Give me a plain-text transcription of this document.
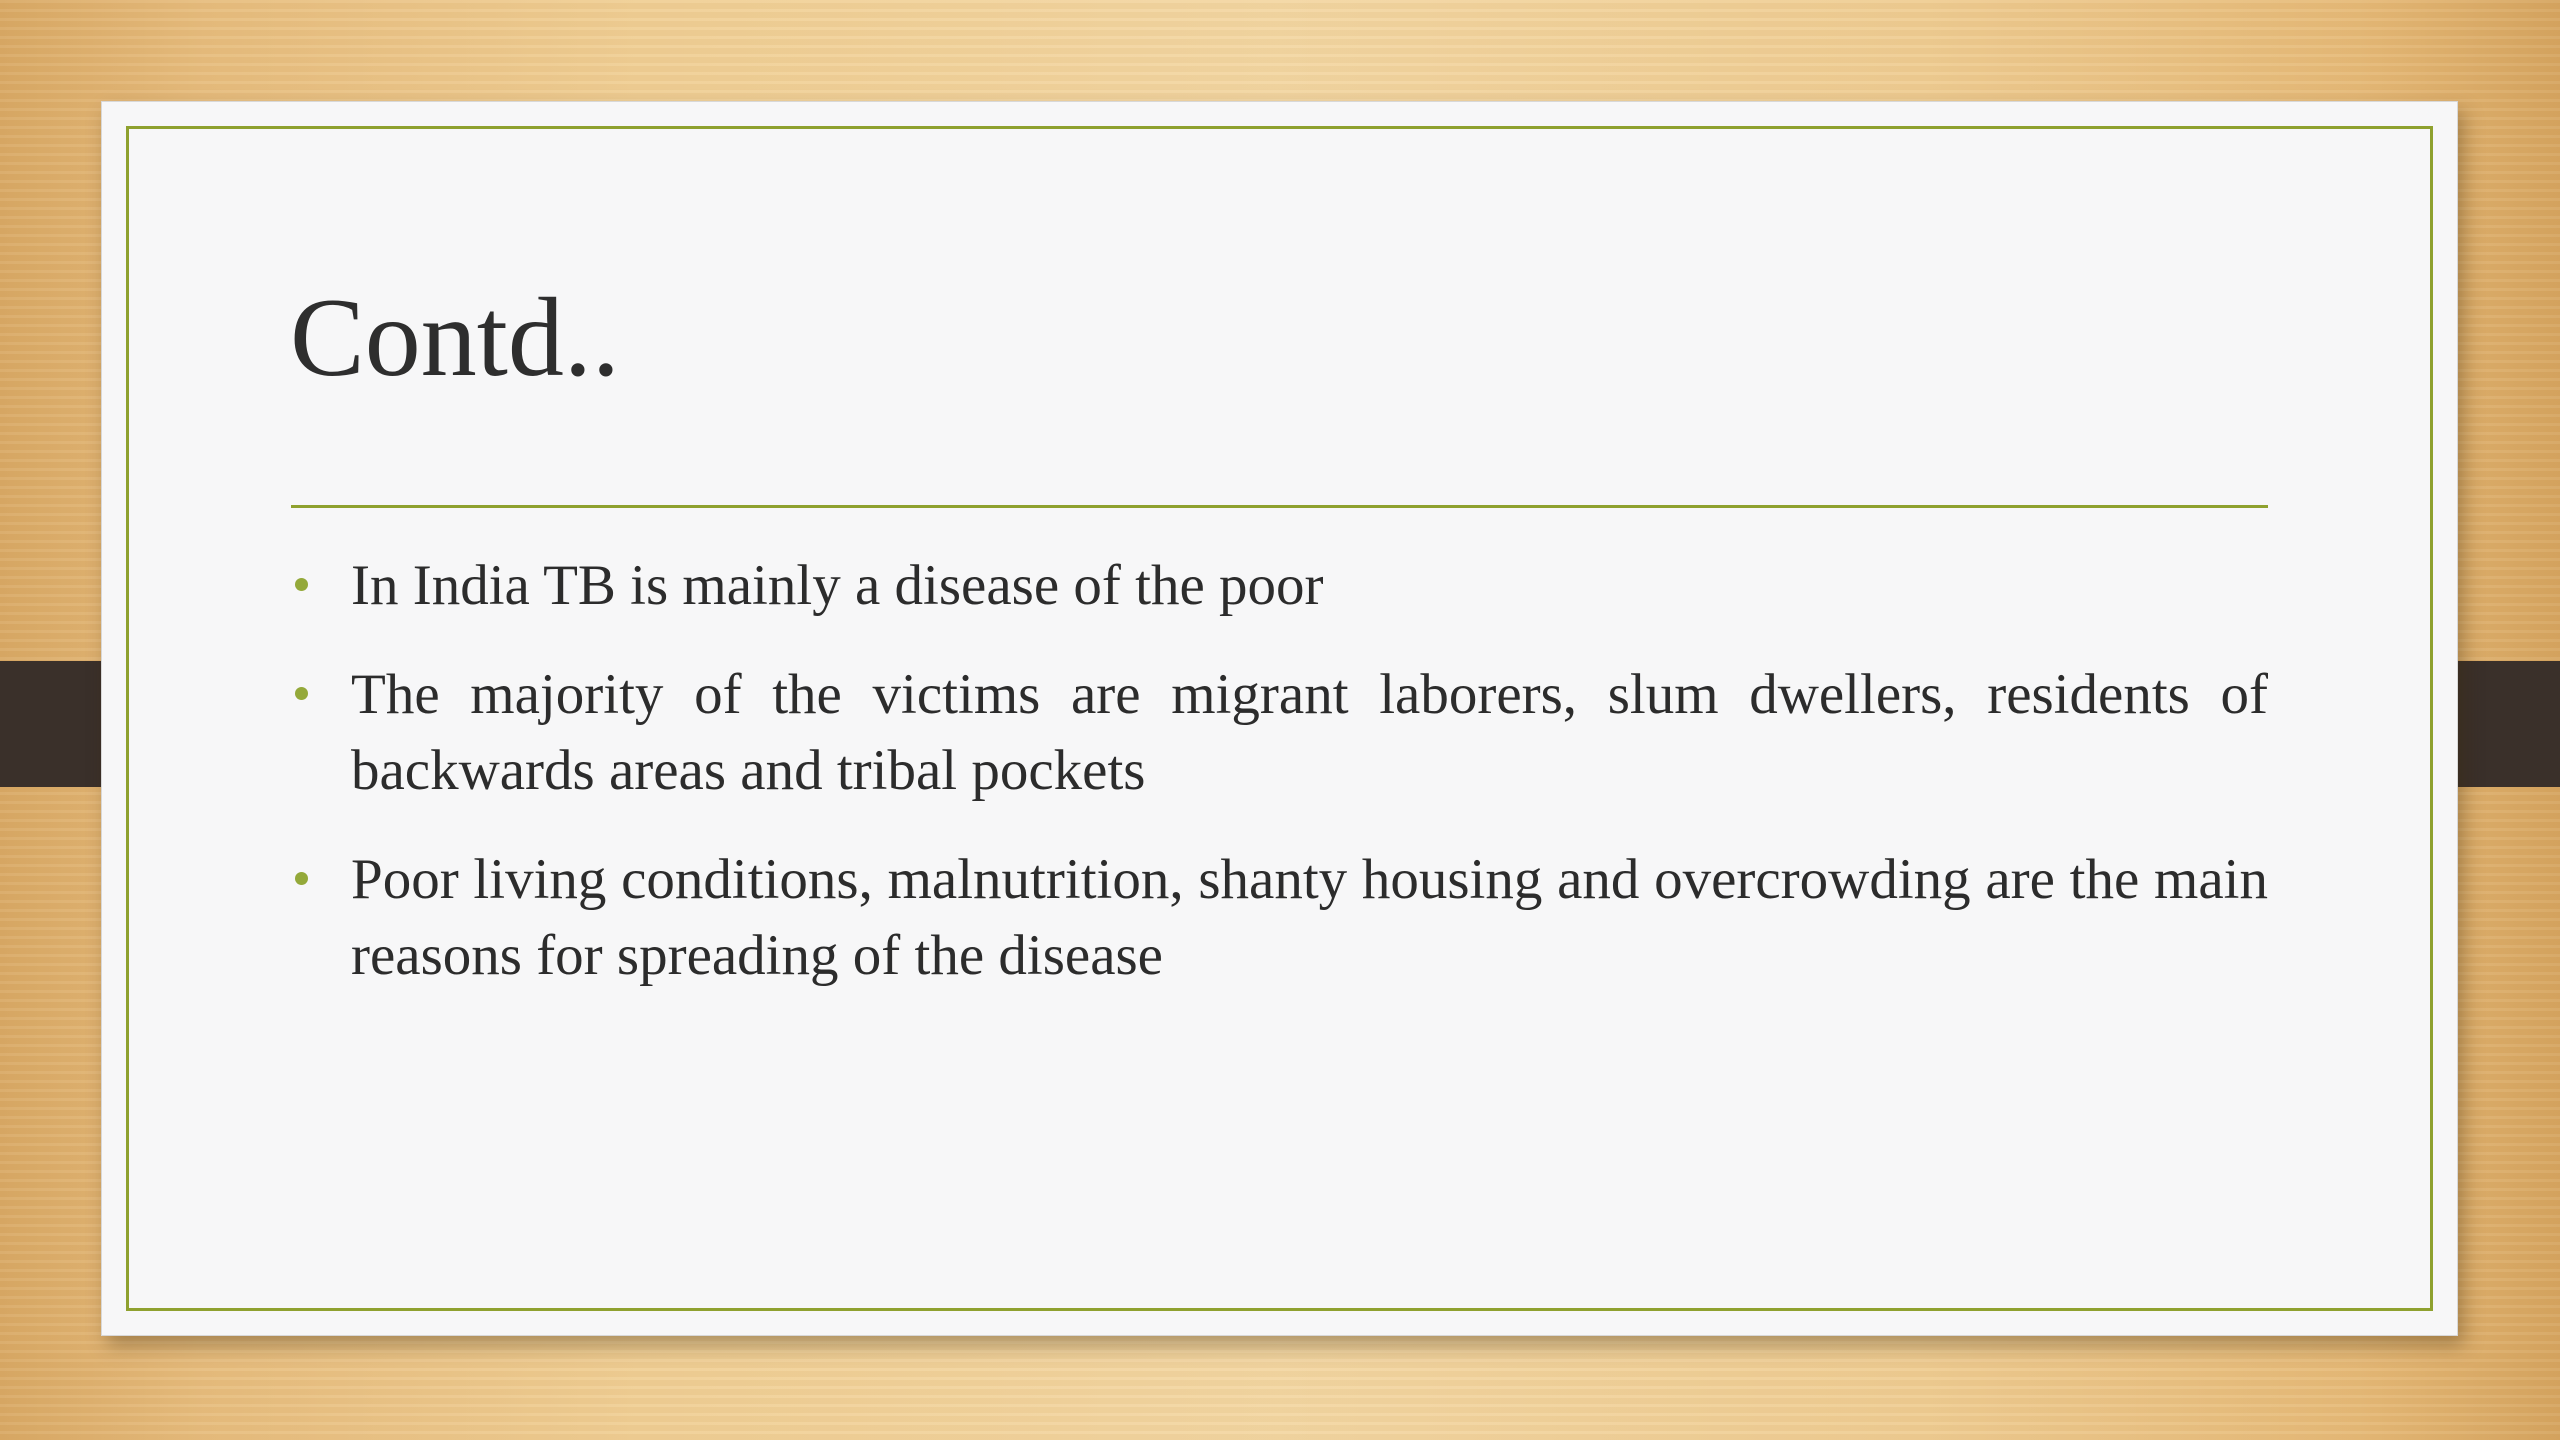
Contd..
In India TB is mainly a disease of the poor
The majority of the victims are migrant laborers, slum dwellers, residents of backwards areas and tribal pockets
Poor living conditions, malnutrition, shanty housing and overcrowding are the main reasons for spreading of the disease
